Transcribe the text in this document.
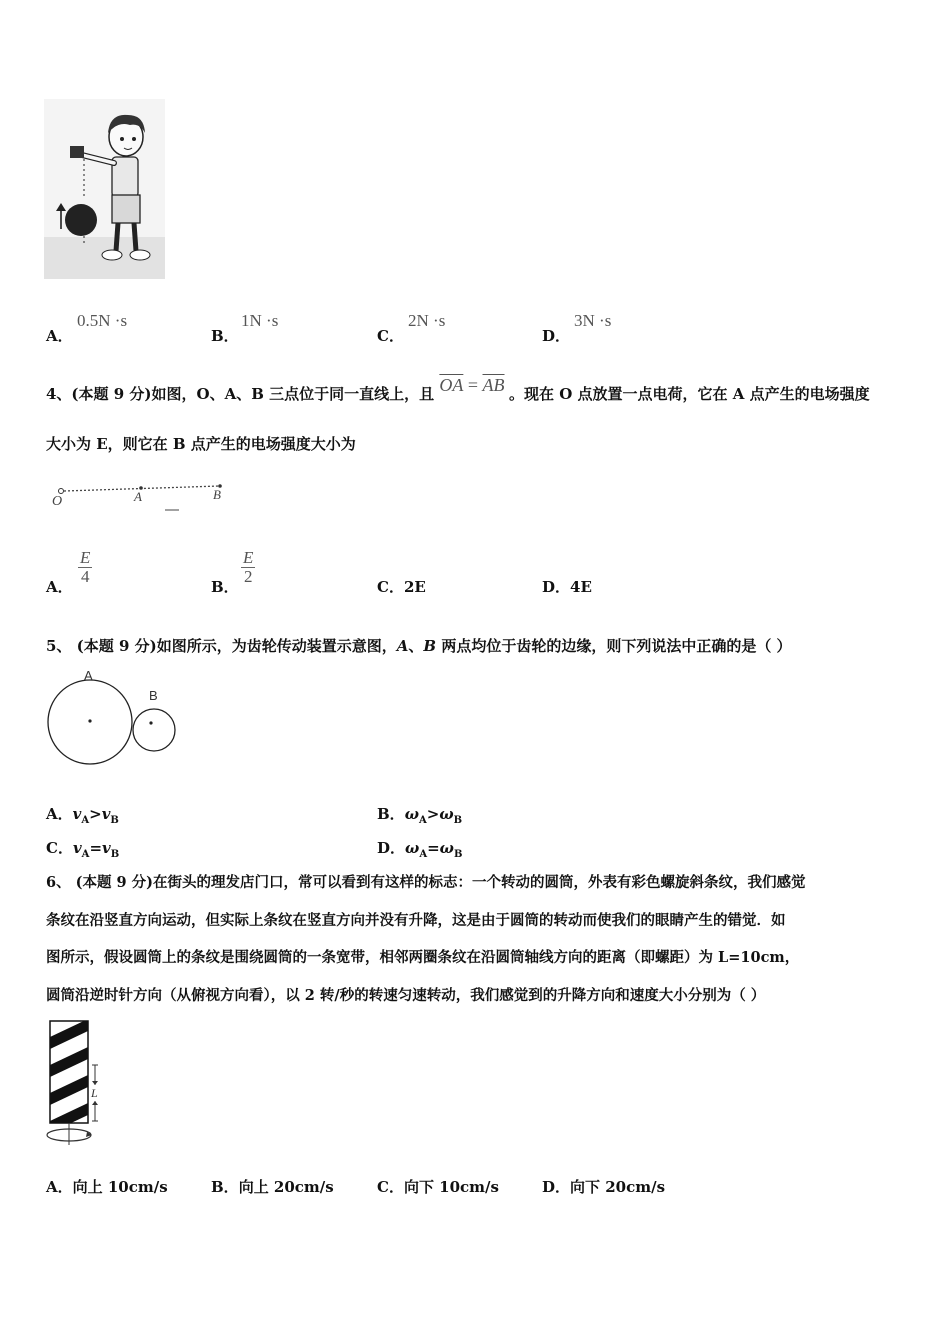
A．
0.5N ·s
B．
1N ·s
C．
2N ·s
D．
3N ·s
4、(本题 9 分)如图，O、A、B 三点位于同一直线上，且 $\overline{OA} = \overline{AB}$ 。现在 O 点放置一点电荷，它在 A 点产生的电场强度
大小为 E，则它在 B 点产生的电场强度大小为
O	A	B
A．
E
4
B．
E
2
C．2E	D．4E
5、 (本题 9 分)如图所示，为齿轮传动装置示意图，A、B 两点均位于齿轮的边缘，则下列说法中正确的是（ ）
A
B
A．$v_A>v_B$	B．$\omega_A>\omega_B$
C．$v_A=v_B$	D．$\omega_A=\omega_B$
6、 (本题 9 分)在街头的理发店门口，常可以看到有这样的标志：一个转动的圆筒，外表有彩色螺旋斜条纹，我们感觉
条纹在沿竖直方向运动，但实际上条纹在竖直方向并没有升降，这是由于圆筒的转动而使我们的眼睛产生的错觉．如
图所示，假设圆筒上的条纹是围绕圆筒的一条宽带，相邻两圈条纹在沿圆筒轴线方向的距离（即螺距）为 L=10cm，
圆筒沿逆时针方向（从俯视方向看），以 2 转/秒的转速匀速转动，我们感觉到的升降方向和速度大小分别为（ ）
L
A．向上 10cm/s	B．向上 20cm/s	C．向下 10cm/s	D．向下 20cm/s
